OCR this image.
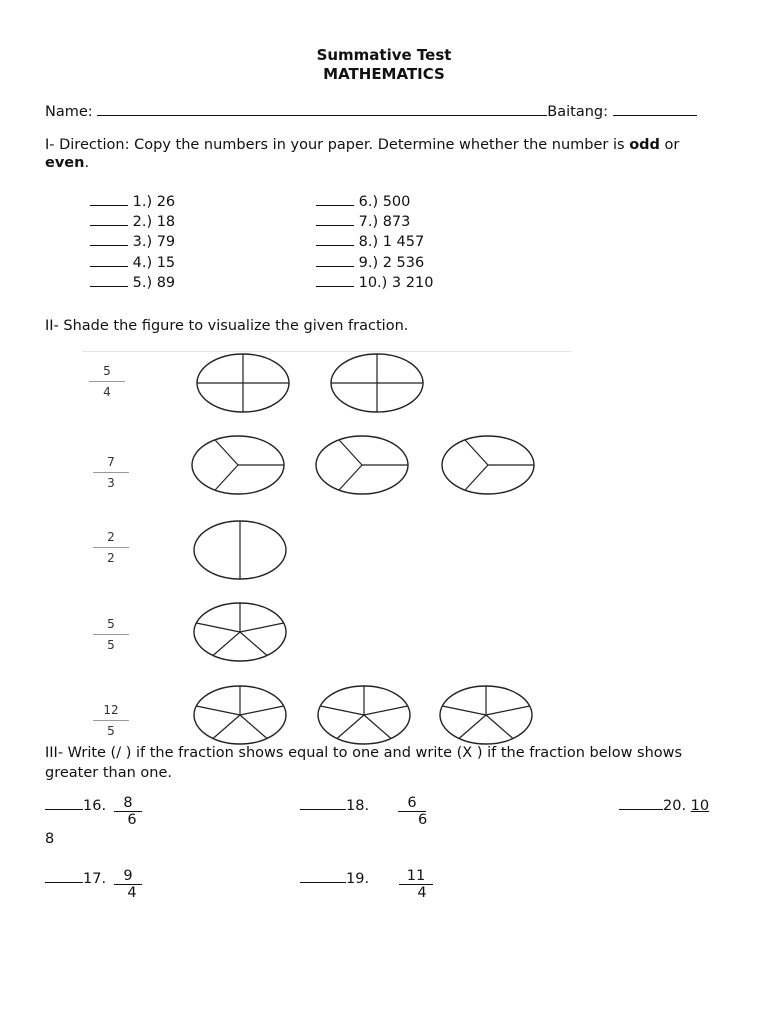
Summative Test
MATHEMATICS
Name:	Baitang:
I- Direction: Copy the numbers in your paper. Determine whether the number is odd or
even.
1.) 26
2.) 18
3.) 79
4.) 15
5.) 89
6.) 500
7.) 873
8.) 1 457
9.) 2 536
10.) 3 210
II- Shade the figure to visualize the given fraction.
5
4
7
3
2
2
5
5
12
5
III- Write (/ ) if the fraction shows equal to one and write (X ) if the fraction below shows
greater than one.
16. $\frac{8}{6}$	18. $\frac{6}{6}$	20. 10
8
17. $\frac{9}{4}$	19. $\frac{11}{4}$
